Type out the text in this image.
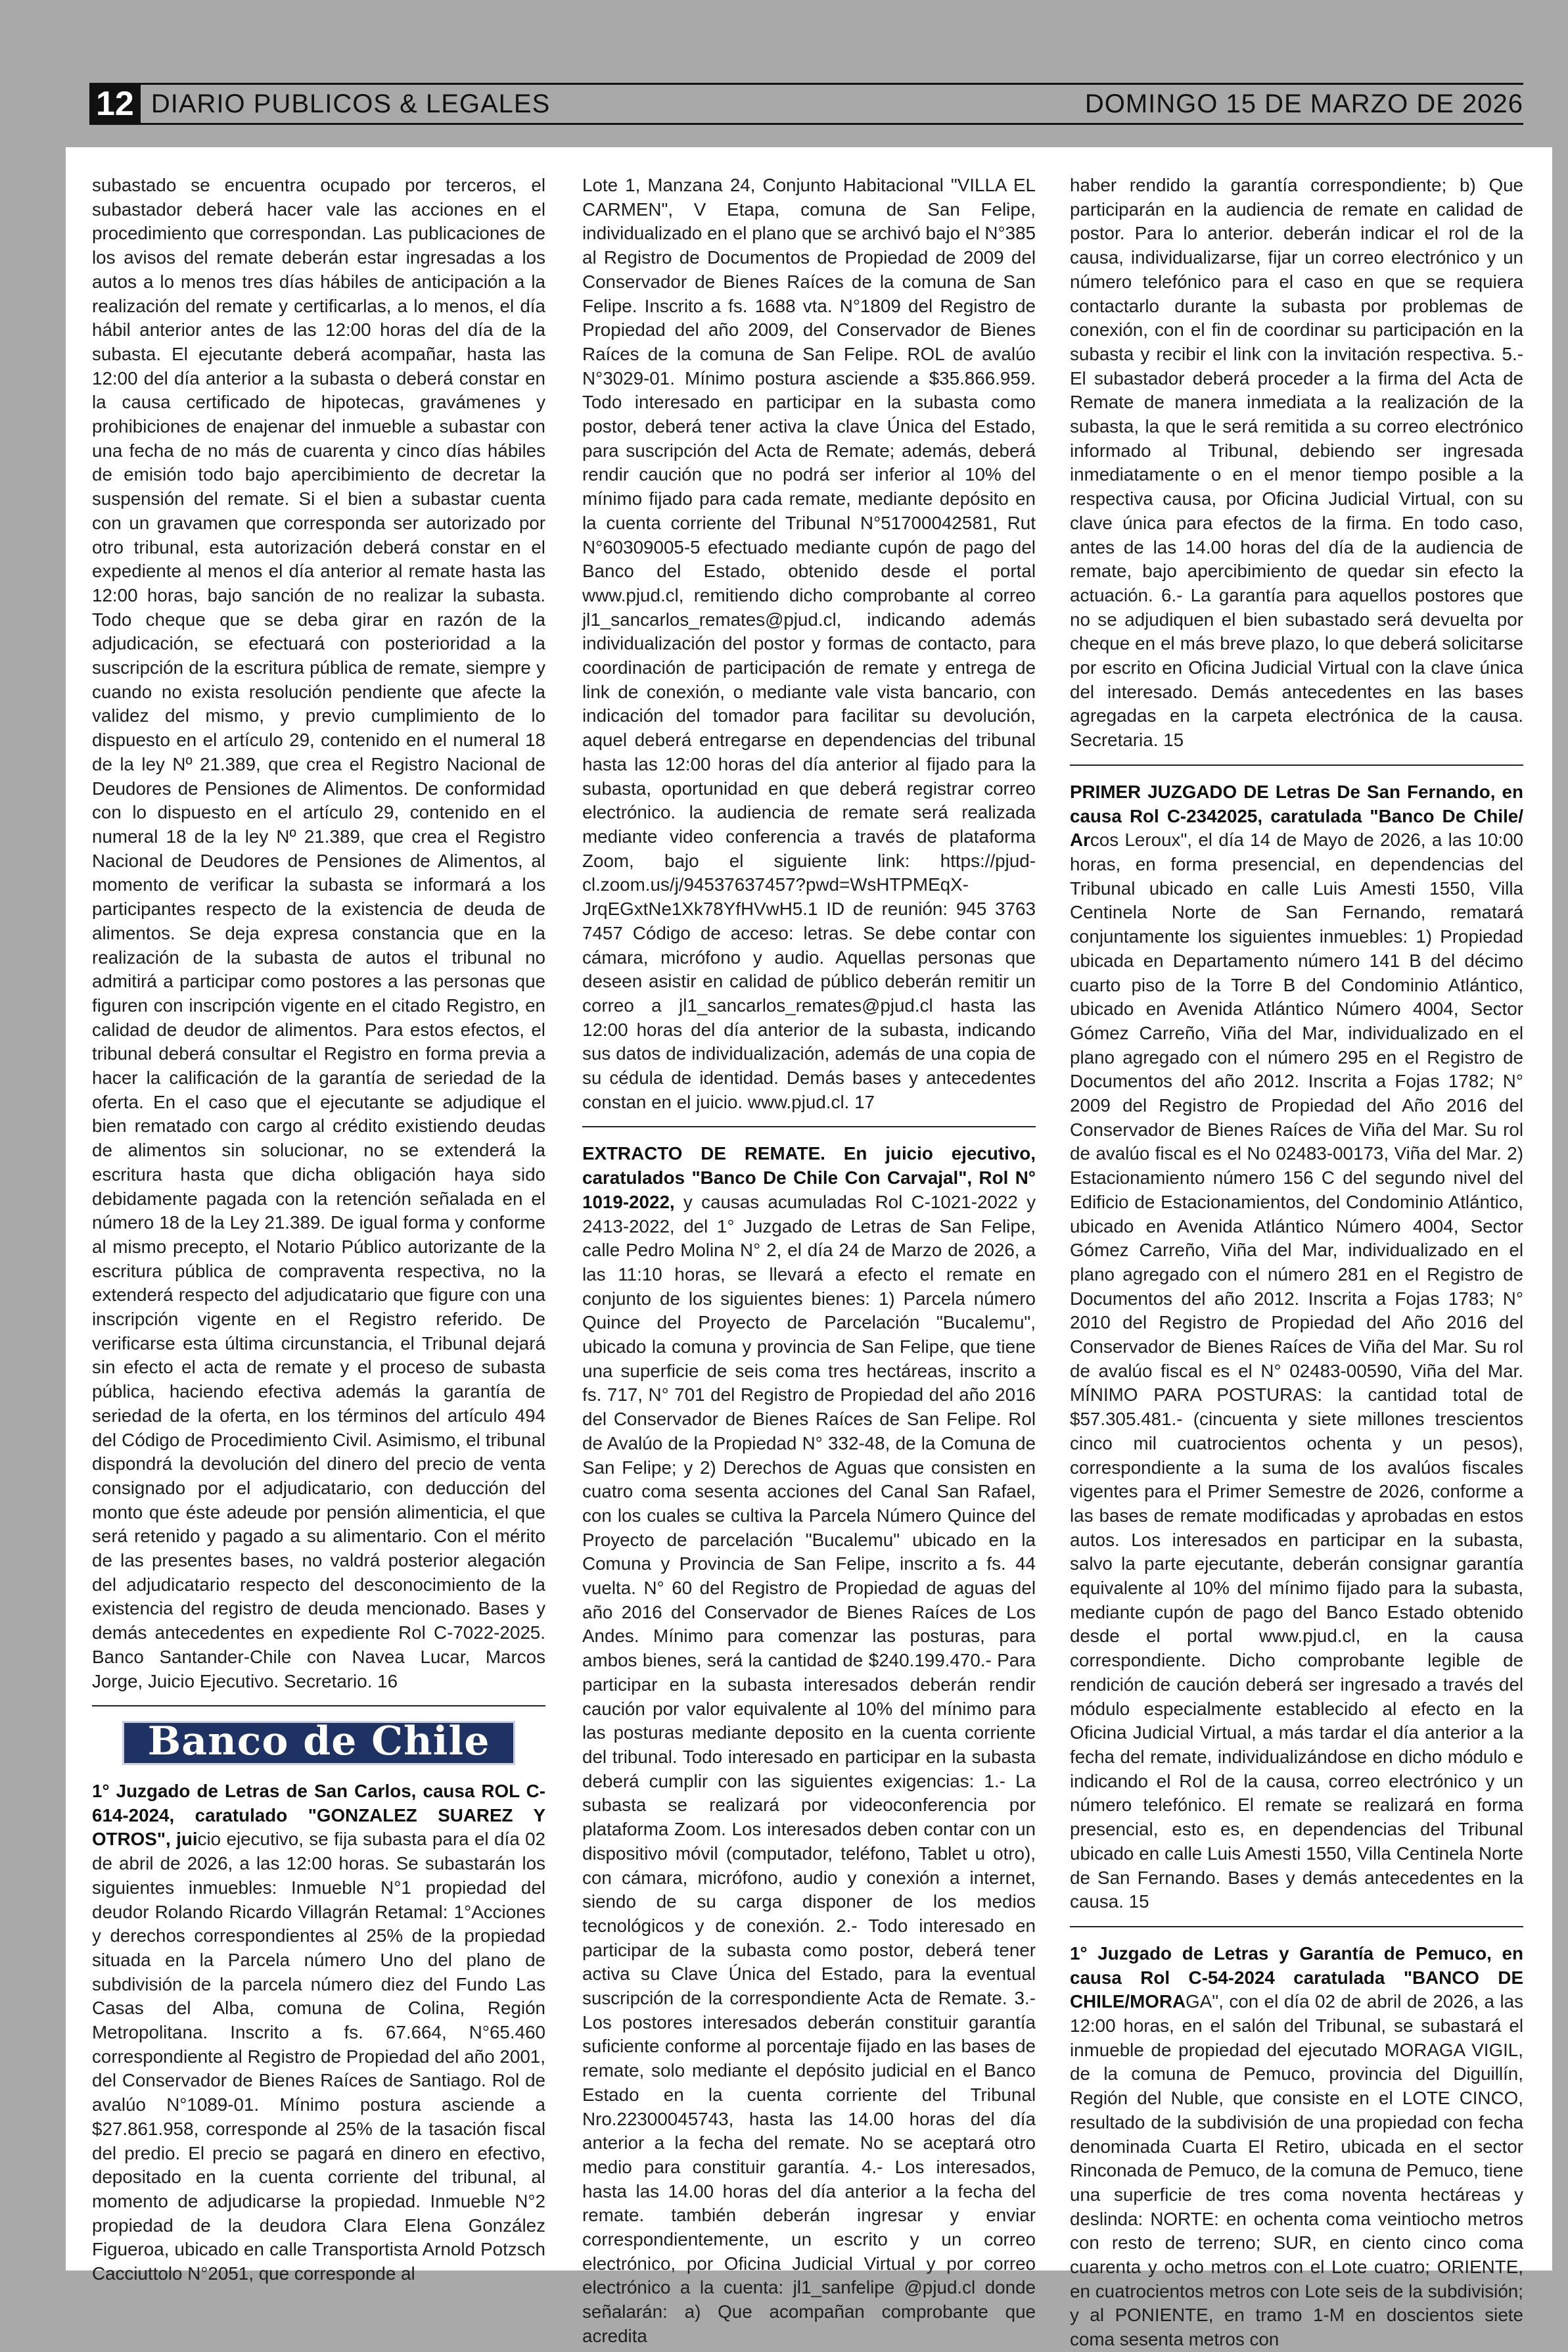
12 DIARIO PUBLICOS & LEGALES	DOMINGO 15 DE MARZO DE 2026

subastado se encuentra ocupado por terceros, el subastador deberá hacer vale las acciones en el procedimiento que correspondan. Las publicaciones de los avisos del remate deberán estar ingresadas a los autos a lo menos tres días hábiles de anticipación a la realización del remate y certificarlas, a lo menos, el día hábil anterior antes de las 12:00 horas del día de la subasta. El ejecutante deberá acompañar, hasta las 12:00 del día anterior a la subasta o deberá constar en la causa certificado de hipotecas, gravámenes y prohibiciones de enajenar del inmueble a subastar con una fecha de no más de cuarenta y cinco días hábiles de emisión todo bajo apercibimiento de decretar la suspensión del remate. Si el bien a subastar cuenta con un gravamen que corresponda ser autorizado por otro tribunal, esta autorización deberá constar en el expediente al menos el día anterior al remate hasta las 12:00 horas, bajo sanción de no realizar la subasta. Todo cheque que se deba girar en razón de la adjudicación, se efectuará con posterioridad a la suscripción de la escritura pública de remate, siempre y cuando no exista resolución pendiente que afecte la validez del mismo, y previo cumplimiento de lo dispuesto en el artículo 29, contenido en el numeral 18 de la ley Nº 21.389, que crea el Registro Nacional de Deudores de Pensiones de Alimentos. De conformidad con lo dispuesto en el artículo 29, contenido en el numeral 18 de la ley Nº 21.389, que crea el Registro Nacional de Deudores de Pensiones de Alimentos, al momento de verificar la subasta se informará a los participantes respecto de la existencia de deuda de alimentos. Se deja expresa constancia que en la realización de la subasta de autos el tribunal no admitirá a participar como postores a las personas que figuren con inscripción vigente en el citado Registro, en calidad de deudor de alimentos. Para estos efectos, el tribunal deberá consultar el Registro en forma previa a hacer la calificación de la garantía de seriedad de la oferta. En el caso que el ejecutante se adjudique el bien rematado con cargo al crédito existiendo deudas de alimentos sin solucionar, no se extenderá la escritura hasta que dicha obligación haya sido debidamente pagada con la retención señalada en el número 18 de la Ley 21.389. De igual forma y conforme al mismo precepto, el Notario Público autorizante de la escritura pública de compraventa respectiva, no la extenderá respecto del adjudicatario que figure con una inscripción vigente en el Registro referido. De verificarse esta última circunstancia, el Tribunal dejará sin efecto el acta de remate y el proceso de subasta pública, haciendo efectiva además la garantía de seriedad de la oferta, en los términos del artículo 494 del Código de Procedimiento Civil. Asimismo, el tribunal dispondrá la devolución del dinero del precio de venta consignado por el adjudicatario, con deducción del monto que éste adeude por pensión alimenticia, el que será retenido y pagado a su alimentario. Con el mérito de las presentes bases, no valdrá posterior alegación del adjudicatario respecto del desconocimiento de la existencia del registro de deuda mencionado. Bases y demás antecedentes en expediente Rol C-7022-2025. Banco Santander-Chile con Navea Lucar, Marcos Jorge, Juicio Ejecutivo. Secretario. 16

Banco de Chile

1° Juzgado de Letras de San Carlos, causa ROL C-614-2024, caratulado "GONZALEZ SUAREZ Y OTROS", juicio ejecutivo, se fija subasta para el día 02 de abril de 2026, a las 12:00 horas. Se subastarán los siguientes inmuebles: Inmueble N°1 propiedad del deudor Rolando Ricardo Villagrán Retamal: 1°Acciones y derechos correspondientes al 25% de la propiedad situada en la Parcela número Uno del plano de subdivisión de la parcela número diez del Fundo Las Casas del Alba, comuna de Colina, Región Metropolitana. Inscrito a fs. 67.664, N°65.460 correspondiente al Registro de Propiedad del año 2001, del Conservador de Bienes Raíces de Santiago. Rol de avalúo N°1089-01. Mínimo postura asciende a $27.861.958, corresponde al 25% de la tasación fiscal del predio. El precio se pagará en dinero en efectivo, depositado en la cuenta corriente del tribunal, al momento de adjudicarse la propiedad. Inmueble N°2 propiedad de la deudora Clara Elena González Figueroa, ubicado en calle Transportista Arnold Potzsch Cacciuttolo N°2051, que corresponde al

Lote 1, Manzana 24, Conjunto Habitacional "VILLA EL CARMEN", V Etapa, comuna de San Felipe, individualizado en el plano que se archivó bajo el N°385 al Registro de Documentos de Propiedad de 2009 del Conservador de Bienes Raíces de la comuna de San Felipe. Inscrito a fs. 1688 vta. N°1809 del Registro de Propiedad del año 2009, del Conservador de Bienes Raíces de la comuna de San Felipe. ROL de avalúo N°3029-01. Mínimo postura asciende a $35.866.959. Todo interesado en participar en la subasta como postor, deberá tener activa la clave Única del Estado, para suscripción del Acta de Remate; además, deberá rendir caución que no podrá ser inferior al 10% del mínimo fijado para cada remate, mediante depósito en la cuenta corriente del Tribunal N°51700042581, Rut N°60309005-5 efectuado mediante cupón de pago del Banco del Estado, obtenido desde el portal www.pjud.cl, remitiendo dicho comprobante al correo jl1_sancarlos_remates@pjud.cl, indicando además individualización del postor y formas de contacto, para coordinación de participación de remate y entrega de link de conexión, o mediante vale vista bancario, con indicación del tomador para facilitar su devolución, aquel deberá entregarse en dependencias del tribunal hasta las 12:00 horas del día anterior al fijado para la subasta, oportunidad en que deberá registrar correo electrónico. la audiencia de remate será realizada mediante video conferencia a través de plataforma Zoom, bajo el siguiente link: https://pjud-cl.zoom.us/j/94537637457?pwd=WsHTPMEqX-JrqEGxtNe1Xk78YfHVwH5.1 ID de reunión: 945 3763 7457 Código de acceso: letras. Se debe contar con cámara, micrófono y audio. Aquellas personas que deseen asistir en calidad de público deberán remitir un correo a jl1_sancarlos_remates@pjud.cl hasta las 12:00 horas del día anterior de la subasta, indicando sus datos de individualización, además de una copia de su cédula de identidad. Demás bases y antecedentes constan en el juicio. www.pjud.cl. 17

EXTRACTO DE REMATE. En juicio ejecutivo, caratulados "Banco De Chile Con Carvajal", Rol N° 1019-2022, y causas acumuladas Rol C-1021-2022 y 2413-2022, del 1° Juzgado de Letras de San Felipe, calle Pedro Molina N° 2, el día 24 de Marzo de 2026, a las 11:10 horas, se llevará a efecto el remate en conjunto de los siguientes bienes: 1) Parcela número Quince del Proyecto de Parcelación "Bucalemu", ubicado la comuna y provincia de San Felipe, que tiene una superficie de seis coma tres hectáreas, inscrito a fs. 717, N° 701 del Registro de Propiedad del año 2016 del Conservador de Bienes Raíces de San Felipe. Rol de Avalúo de la Propiedad N° 332-48, de la Comuna de San Felipe; y 2) Derechos de Aguas que consisten en cuatro coma sesenta acciones del Canal San Rafael, con los cuales se cultiva la Parcela Número Quince del Proyecto de parcelación "Bucalemu" ubicado en la Comuna y Provincia de San Felipe, inscrito a fs. 44 vuelta. N° 60 del Registro de Propiedad de aguas del año 2016 del Conservador de Bienes Raíces de Los Andes. Mínimo para comenzar las posturas, para ambos bienes, será la cantidad de $240.199.470.- Para participar en la subasta interesados deberán rendir caución por valor equivalente al 10% del mínimo para las posturas mediante deposito en la cuenta corriente del tribunal. Todo interesado en participar en la subasta deberá cumplir con las siguientes exigencias: 1.- La subasta se realizará por videoconferencia por plataforma Zoom. Los interesados deben contar con un dispositivo móvil (computador, teléfono, Tablet u otro), con cámara, micrófono, audio y conexión a internet, siendo de su carga disponer de los medios tecnológicos y de conexión. 2.- Todo interesado en participar de la subasta como postor, deberá tener activa su Clave Única del Estado, para la eventual suscripción de la correspondiente Acta de Remate. 3.- Los postores interesados deberán constituir garantía suficiente conforme al porcentaje fijado en las bases de remate, solo mediante el depósito judicial en el Banco Estado en la cuenta corriente del Tribunal Nro.22300045743, hasta las 14.00 horas del día anterior a la fecha del remate. No se aceptará otro medio para constituir garantía. 4.- Los interesados, hasta las 14.00 horas del día anterior a la fecha del remate. también deberán ingresar y enviar correspondientemente, un escrito y un correo electrónico, por Oficina Judicial Virtual y por correo electrónico a la cuenta: jl1_sanfelipe @pjud.cl donde señalarán: a) Que acompañan comprobante que acredita

haber rendido la garantía correspondiente; b) Que participarán en la audiencia de remate en calidad de postor. Para lo anterior. deberán indicar el rol de la causa, individualizarse, fijar un correo electrónico y un número telefónico para el caso en que se requiera contactarlo durante la subasta por problemas de conexión, con el fin de coordinar su participación en la subasta y recibir el link con la invitación respectiva. 5.- El subastador deberá proceder a la firma del Acta de Remate de manera inmediata a la realización de la subasta, la que le será remitida a su correo electrónico informado al Tribunal, debiendo ser ingresada inmediatamente o en el menor tiempo posible a la respectiva causa, por Oficina Judicial Virtual, con su clave única para efectos de la firma. En todo caso, antes de las 14.00 horas del día de la audiencia de remate, bajo apercibimiento de quedar sin efecto la actuación. 6.- La garantía para aquellos postores que no se adjudiquen el bien subastado será devuelta por cheque en el más breve plazo, lo que deberá solicitarse por escrito en Oficina Judicial Virtual con la clave única del interesado. Demás antecedentes en las bases agregadas en la carpeta electrónica de la causa. Secretaria. 15

PRIMER JUZGADO DE Letras De San Fernando, en causa Rol C-2342025, caratulada "Banco De Chile/ Arcos Leroux", el día 14 de Mayo de 2026, a las 10:00 horas, en forma presencial, en dependencias del Tribunal ubicado en calle Luis Amesti 1550, Villa Centinela Norte de San Fernando, rematará conjuntamente los siguientes inmuebles: 1) Propiedad ubicada en Departamento número 141 B del décimo cuarto piso de la Torre B del Condominio Atlántico, ubicado en Avenida Atlántico Número 4004, Sector Gómez Carreño, Viña del Mar, individualizado en el plano agregado con el número 295 en el Registro de Documentos del año 2012. Inscrita a Fojas 1782; N° 2009 del Registro de Propiedad del Año 2016 del Conservador de Bienes Raíces de Viña del Mar. Su rol de avalúo fiscal es el No 02483-00173, Viña del Mar. 2) Estacionamiento número 156 C del segundo nivel del Edificio de Estacionamientos, del Condominio Atlántico, ubicado en Avenida Atlántico Número 4004, Sector Gómez Carreño, Viña del Mar, individualizado en el plano agregado con el número 281 en el Registro de Documentos del año 2012. Inscrita a Fojas 1783; N° 2010 del Registro de Propiedad del Año 2016 del Conservador de Bienes Raíces de Viña del Mar. Su rol de avalúo fiscal es el N° 02483-00590, Viña del Mar. MÍNIMO PARA POSTURAS: la cantidad total de $57.305.481.- (cincuenta y siete millones trescientos cinco mil cuatrocientos ochenta y un pesos), correspondiente a la suma de los avalúos fiscales vigentes para el Primer Semestre de 2026, conforme a las bases de remate modificadas y aprobadas en estos autos. Los interesados en participar en la subasta, salvo la parte ejecutante, deberán consignar garantía equivalente al 10% del mínimo fijado para la subasta, mediante cupón de pago del Banco Estado obtenido desde el portal www.pjud.cl, en la causa correspondiente. Dicho comprobante legible de rendición de caución deberá ser ingresado a través del módulo especialmente establecido al efecto en la Oficina Judicial Virtual, a más tardar el día anterior a la fecha del remate, individualizándose en dicho módulo e indicando el Rol de la causa, correo electrónico y un número telefónico. El remate se realizará en forma presencial, esto es, en dependencias del Tribunal ubicado en calle Luis Amesti 1550, Villa Centinela Norte de San Fernando. Bases y demás antecedentes en la causa. 15

1° Juzgado de Letras y Garantía de Pemuco, en causa Rol C-54-2024 caratulada "BANCO DE CHILE/MORAGA", con el día 02 de abril de 2026, a las 12:00 horas, en el salón del Tribunal, se subastará el inmueble de propiedad del ejecutado MORAGA VIGIL, de la comuna de Pemuco, provincia del Diguillín, Región del Nuble, que consiste en el LOTE CINCO, resultado de la subdivisión de una propiedad con fecha denominada Cuarta El Retiro, ubicada en el sector Rinconada de Pemuco, de la comuna de Pemuco, tiene una superficie de tres coma noventa hectáreas y deslinda: NORTE: en ochenta coma veintiocho metros con resto de terreno; SUR, en ciento cinco coma cuarenta y ocho metros con el Lote cuatro; ORIENTE, en cuatrocientos metros con Lote seis de la subdivisión; y al PONIENTE, en tramo 1-M en doscientos siete coma sesenta metros con
